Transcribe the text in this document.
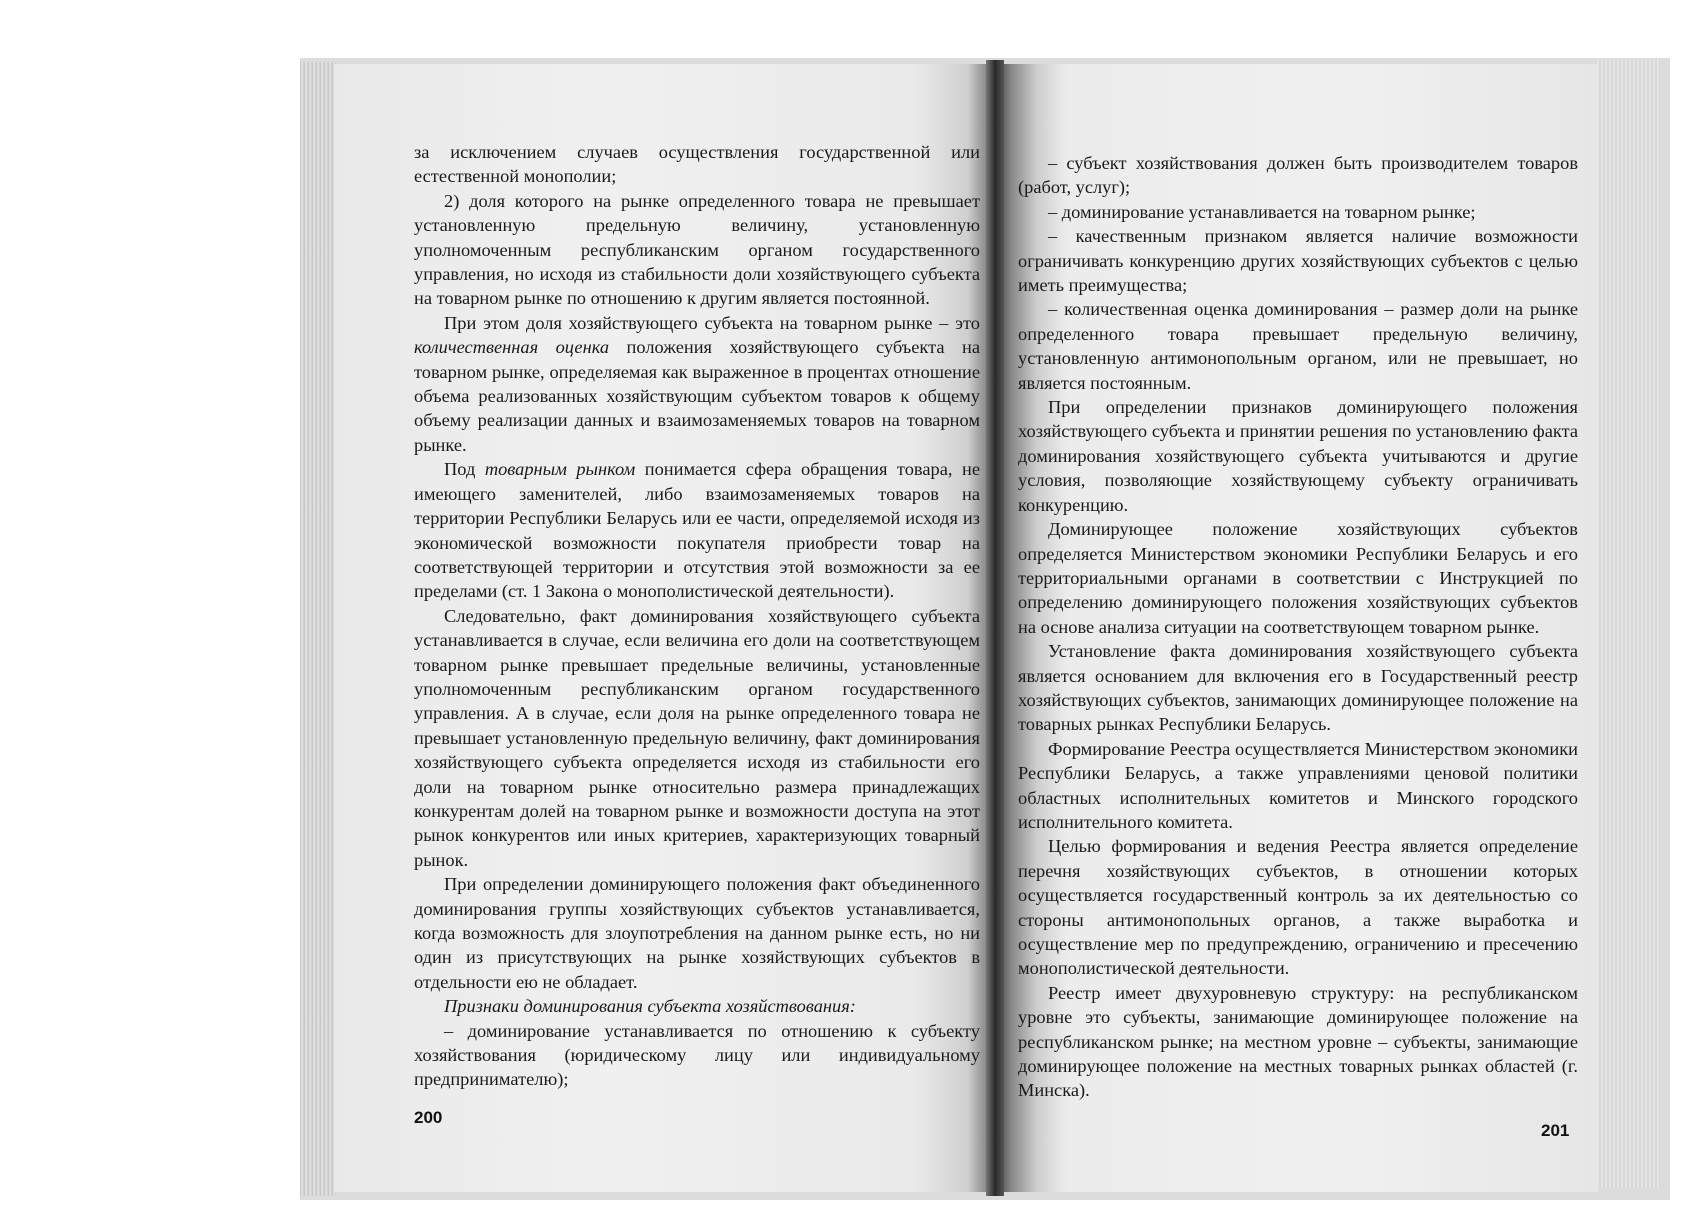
за исключением случаев осуществления государственной или естественной монополии;

2) доля которого на рынке определенного товара не превышает установленную предельную величину, установленную уполномоченным республиканским органом государственного управления, но исходя из стабильности доли хозяйствующего субъекта на товарном рынке по отношению к другим является постоянной.

При этом доля хозяйствующего субъекта на товарном рынке – это количественная оценка положения хозяйствующего субъекта на товарном рынке, определяемая как выраженное в процентах отношение объема реализованных хозяйствующим субъектом товаров к общему объему реализации данных и взаимозаменяемых товаров на товарном рынке.

Под товарным рынком понимается сфера обращения товара, не имеющего заменителей, либо взаимозаменяемых товаров на территории Республики Беларусь или ее части, определяемой исходя из экономической возможности покупателя приобрести товар на соответствующей территории и отсутствия этой возможности за ее пределами (ст. 1 Закона о монополистической деятельности).

Следовательно, факт доминирования хозяйствующего субъекта устанавливается в случае, если величина его доли на соответствующем товарном рынке превышает предельные величины, установленные уполномоченным республиканским органом государственного управления. А в случае, если доля на рынке определенного товара не превышает установленную предельную величину, факт доминирования хозяйствующего субъекта определяется исходя из стабильности его доли на товарном рынке относительно размера принадлежащих конкурентам долей на товарном рынке и возможности доступа на этот рынок конкурентов или иных критериев, характеризующих товарный рынок.

При определении доминирующего положения факт объединенного доминирования группы хозяйствующих субъектов устанавливается, когда возможность для злоупотребления на данном рынке есть, но ни один из присутствующих на рынке хозяйствующих субъектов в отдельности ею не обладает.

Признаки доминирования субъекта хозяйствования:

– доминирование устанавливается по отношению к субъекту хозяйствования (юридическому лицу или индивидуальному предпринимателю);

200

– субъект хозяйствования должен быть производителем товаров (работ, услуг);

– доминирование устанавливается на товарном рынке;

– качественным признаком является наличие возможности ограничивать конкуренцию других хозяйствующих субъектов с целью иметь преимущества;

– количественная оценка доминирования – размер доли на рынке определенного товара превышает предельную величину, установленную антимонопольным органом, или не превышает, но является постоянным.

При определении признаков доминирующего положения хозяйствующего субъекта и принятии решения по установлению факта доминирования хозяйствующего субъекта учитываются и другие условия, позволяющие хозяйствующему субъекту ограничивать конкуренцию.

Доминирующее положение хозяйствующих субъектов определяется Министерством экономики Республики Беларусь и его территориальными органами в соответствии с Инструкцией по определению доминирующего положения хозяйствующих субъектов на основе анализа ситуации на соответствующем товарном рынке.

Установление факта доминирования хозяйствующего субъекта является основанием для включения его в Государственный реестр хозяйствующих субъектов, занимающих доминирующее положение на товарных рынках Республики Беларусь.

Формирование Реестра осуществляется Министерством экономики Республики Беларусь, а также управлениями ценовой политики областных исполнительных комитетов и Минского городского исполнительного комитета.

Целью формирования и ведения Реестра является определение перечня хозяйствующих субъектов, в отношении которых осуществляется государственный контроль за их деятельностью со стороны антимонопольных органов, а также выработка и осуществление мер по предупреждению, ограничению и пресечению монополистической деятельности.

Реестр имеет двухуровневую структуру: на республиканском уровне это субъекты, занимающие доминирующее положение на республиканском рынке; на местном уровне – субъекты, занимающие доминирующее положение на местных товарных рынках областей (г. Минска).

201
